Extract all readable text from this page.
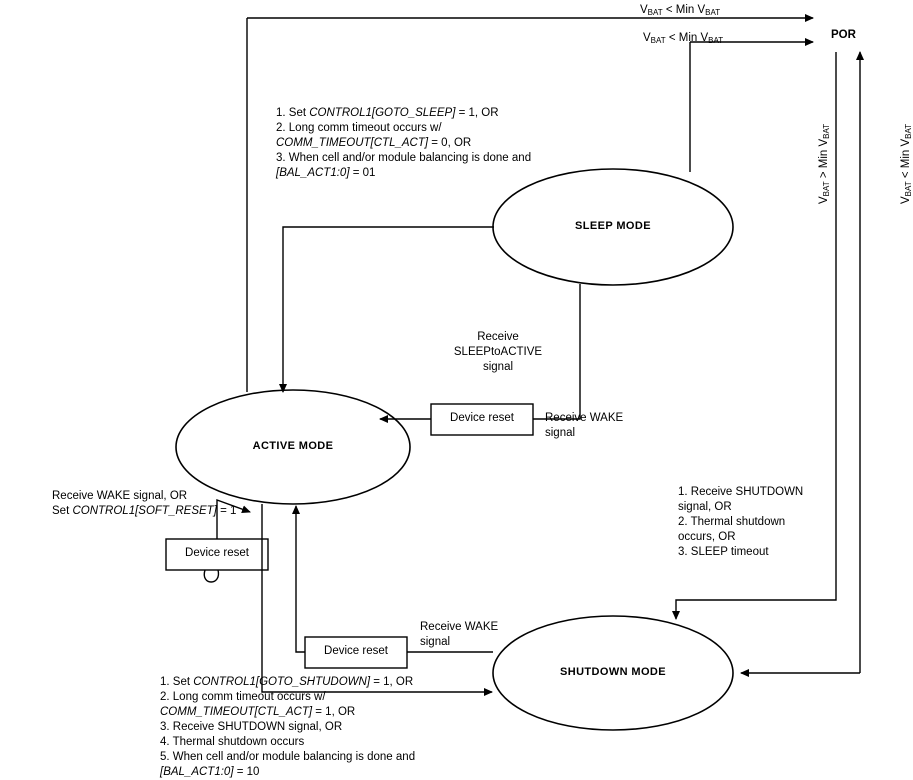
SLEEP MODE
ACTIVE MODE
SHUTDOWN MODE
Device reset
Device reset
Device reset
POR
$V_{BAT}$ < Min $V_{BAT}$
$V_{BAT}$ < Min $V_{BAT}$
$V_{BAT}$ > Min $V_{BAT}$
$V_{BAT}$ < Min $V_{BAT}$
1. Set CONTROL1[GOTO_SLEEP] = 1, OR
2. Long comm timeout occurs w/
COMM_TIMEOUT[CTL_ACT] = 0, OR
3. When cell and/or module balancing is done and
[BAL_ACT1:0] = 01
Receive
SLEEPtoACTIVE
signal
Receive WAKE
signal
Receive WAKE
signal
Receive WAKE signal, OR
Set CONTROL1[SOFT_RESET] = 1
1. Receive SHUTDOWN
signal, OR
2. Thermal shutdown
occurs, OR
3. SLEEP timeout
1. Set CONTROL1[GOTO_SHTUDOWN] = 1, OR
2. Long comm timeout occurs w/
COMM_TIMEOUT[CTL_ACT] = 1, OR
3. Receive SHUTDOWN signal, OR
4. Thermal shutdown occurs
5. When cell and/or module balancing is done and
[BAL_ACT1:0] = 10
